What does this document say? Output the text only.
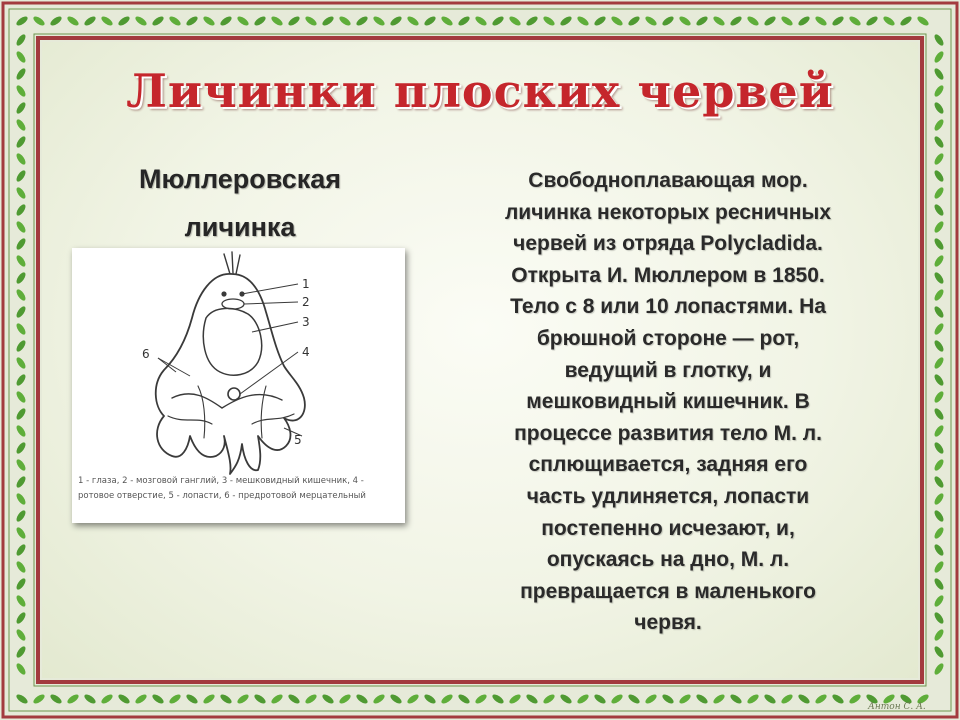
Личинки плоских червей
Мюллеровская
личинка
1
2
3
4
5
6
1 - глаза, 2 - мозговой ганглий, 3 - мешковидный кишечник, 4 -
ротовое отверстие, 5 - лопасти, 6 - предротовой мерцательный
Свободноплавающая мор.
личинка некоторых ресничных
червей из отряда Polycladida.
Открыта И. Мюллером в 1850.
Тело с 8 или 10 лопастями. На
брюшной стороне — рот,
ведущий в глотку, и
мешковидный кишечник. В
процессе развития тело М. л.
сплющивается, задняя его
часть удлиняется, лопасти
постепенно исчезают, и,
опускаясь на дно, М. л.
превращается в маленького
червя.
Антон С. А.
